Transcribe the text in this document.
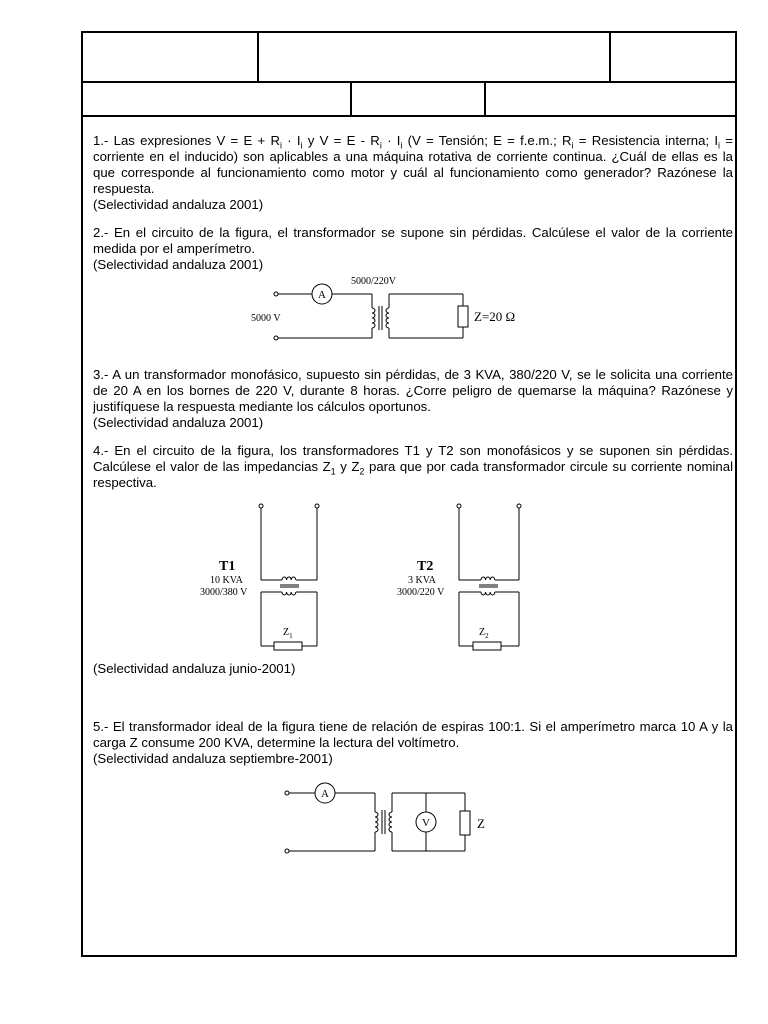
1.- Las expresiones $V = E + R_i \cdot I_i$ y $V = E - R_i \cdot I_i$ (V = Tensión; E = f.e.m.; $R_i$ = Resistencia interna; $I_i$ = corriente en el inducido) son aplicables a una máquina rotativa de corriente continua. ¿Cuál de ellas es la que corresponde al funcionamiento como motor y cuál al funcionamiento como generador? Razónese la respuesta.

(Selectividad andaluza 2001)

2.- En el circuito de la figura, el transformador se supone sin pérdidas. Calcúlese el valor de la corriente medida por el amperímetro.

(Selectividad andaluza 2001)

A
5000/220V
5000 V	Z=20 Ω

3.- A un transformador monofásico, supuesto sin pérdidas, de 3 KVA, 380/220 V, se le solicita una corriente de 20 A en los bornes de 220 V, durante 8 horas. ¿Corre peligro de quemarse la máquina? Razónese y justifíquese la respuesta mediante los cálculos oportunos.

(Selectividad andaluza 2001)

4.- En el circuito de la figura, los transformadores T1 y T2 son monofásicos y se suponen sin pérdidas. Calcúlese el valor de las impedancias $Z_1$ y $Z_2$ para que por cada transformador circule su corriente nominal respectiva.

T1
10 KVA
3000/380 V
$Z_1$
T2
3 KVA
3000/220 V
$Z_2$

(Selectividad andaluza junio-2001)

5.- El transformador ideal de la figura tiene de relación de espiras 100:1. Si el amperímetro marca 10 A y la carga Z consume 200 KVA, determine la lectura del voltímetro.

(Selectividad andaluza septiembre-2001)

A
V	Z
